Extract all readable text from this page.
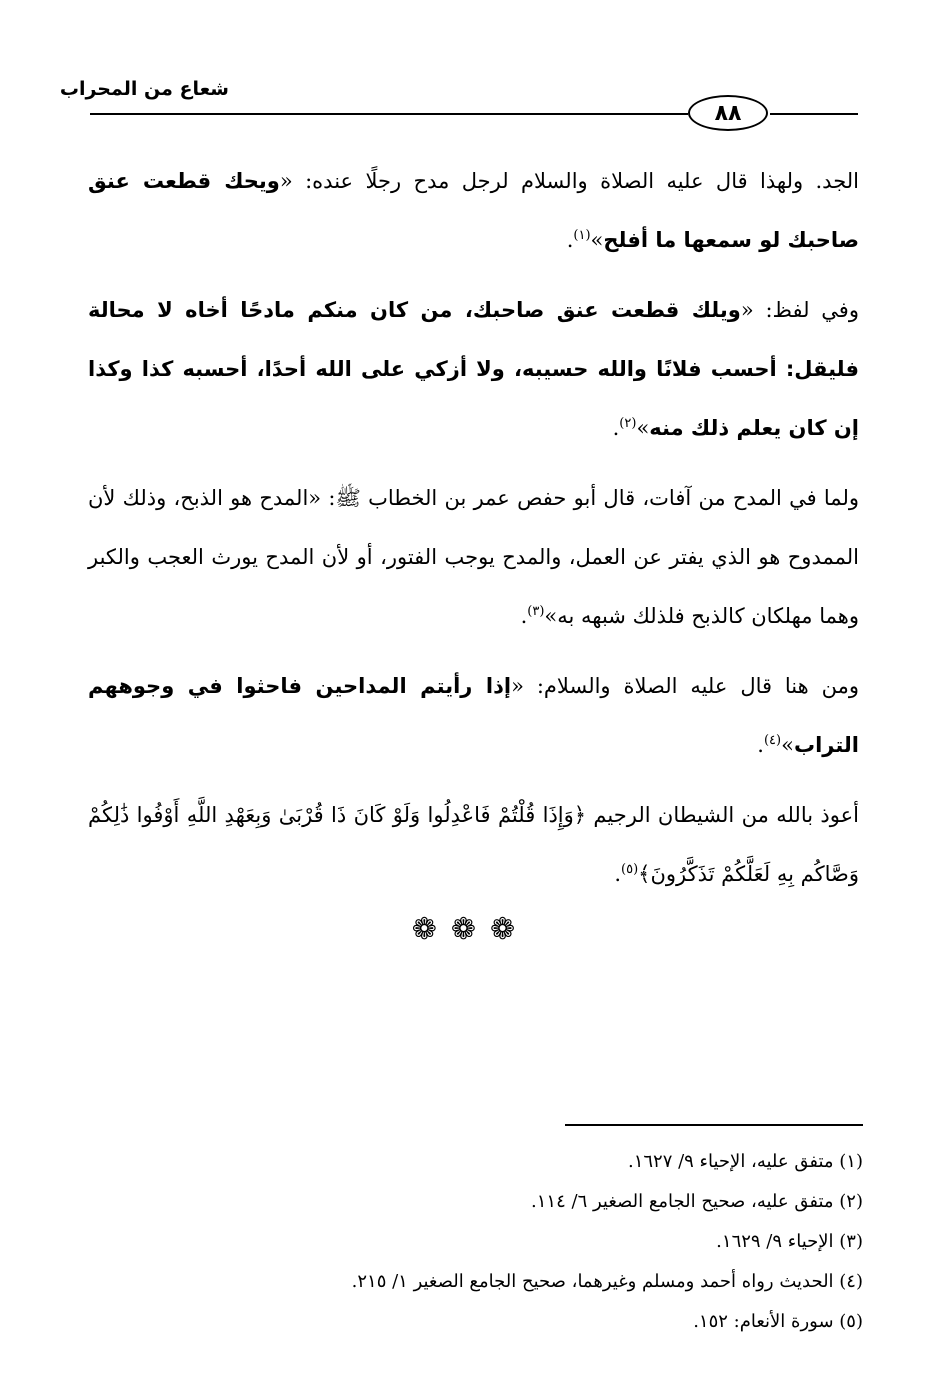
شعاع من المحراب
٨٨

الجد. ولهذا قال عليه الصلاة والسلام لرجل مدح رجلًا عنده: «ويحك قطعت عنق صاحبك لو سمعها ما أفلح»$^{(١)}$.

وفي لفظ: «ويلك قطعت عنق صاحبك، من كان منكم مادحًا أخاه لا محالة فليقل: أحسب فلانًا والله حسيبه، ولا أزكي على الله أحدًا، أحسبه كذا وكذا إن كان يعلم ذلك منه»$^{(٢)}$.

ولما في المدح من آفات، قال أبو حفص عمر بن الخطاب ﷺ: «المدح هو الذبح، وذلك لأن الممدوح هو الذي يفتر عن العمل، والمدح يوجب الفتور، أو لأن المدح يورث العجب والكبر وهما مهلكان كالذبح فلذلك شبهه به»$^{(٣)}$.

ومن هنا قال عليه الصلاة والسلام: «إذا رأيتم المداحين فاحثوا في وجوههم التراب»$^{(٤)}$.

أعوذ بالله من الشيطان الرجيم ﴿وَإِذَا قُلْتُمْ فَاعْدِلُوا وَلَوْ كَانَ ذَا قُرْبَىٰ وَبِعَهْدِ اللَّهِ أَوْفُوا ذَٰلِكُمْ وَصَّاكُم بِهِ لَعَلَّكُمْ تَذَكَّرُونَ﴾$^{(٥)}$.

❁❁❁
(١) متفق عليه، الإحياء ٩/ ١٦٢٧.
(٢) متفق عليه، صحيح الجامع الصغير ٦/ ١١٤.
(٣) الإحياء ٩/ ١٦٢٩.
(٤) الحديث رواه أحمد ومسلم وغيرهما، صحيح الجامع الصغير ١/ ٢١٥.
(٥) سورة الأنعام: ١٥٢.
